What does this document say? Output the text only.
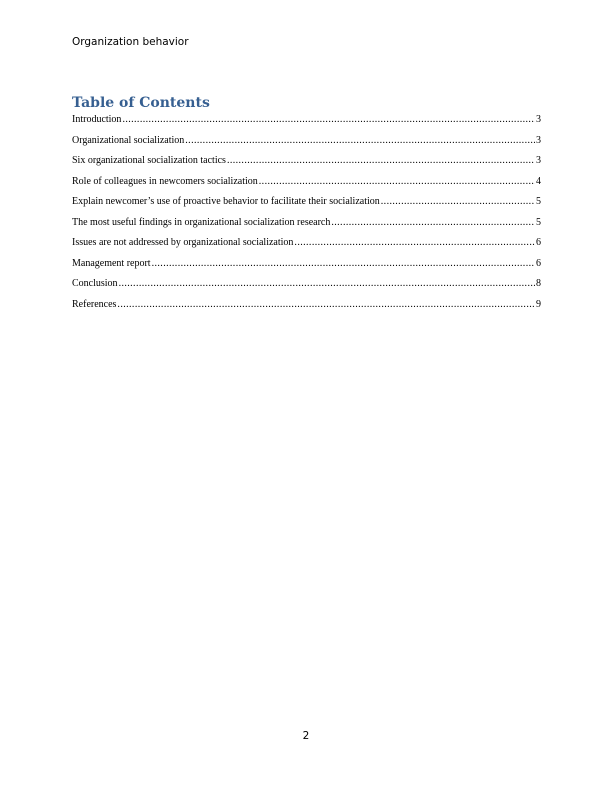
Organization behavior
Table of Contents
Introduction .....	3
Organizational socialization .....	3
Six organizational socialization tactics .....	3
Role of colleagues in newcomers socialization .....	4
Explain newcomer’s use of proactive behavior to facilitate their socialization .....	5
The most useful findings in organizational socialization research .....	5
Issues are not addressed by organizational socialization .....	6
Management report .....	6
Conclusion .....	8
References .....	9
2
